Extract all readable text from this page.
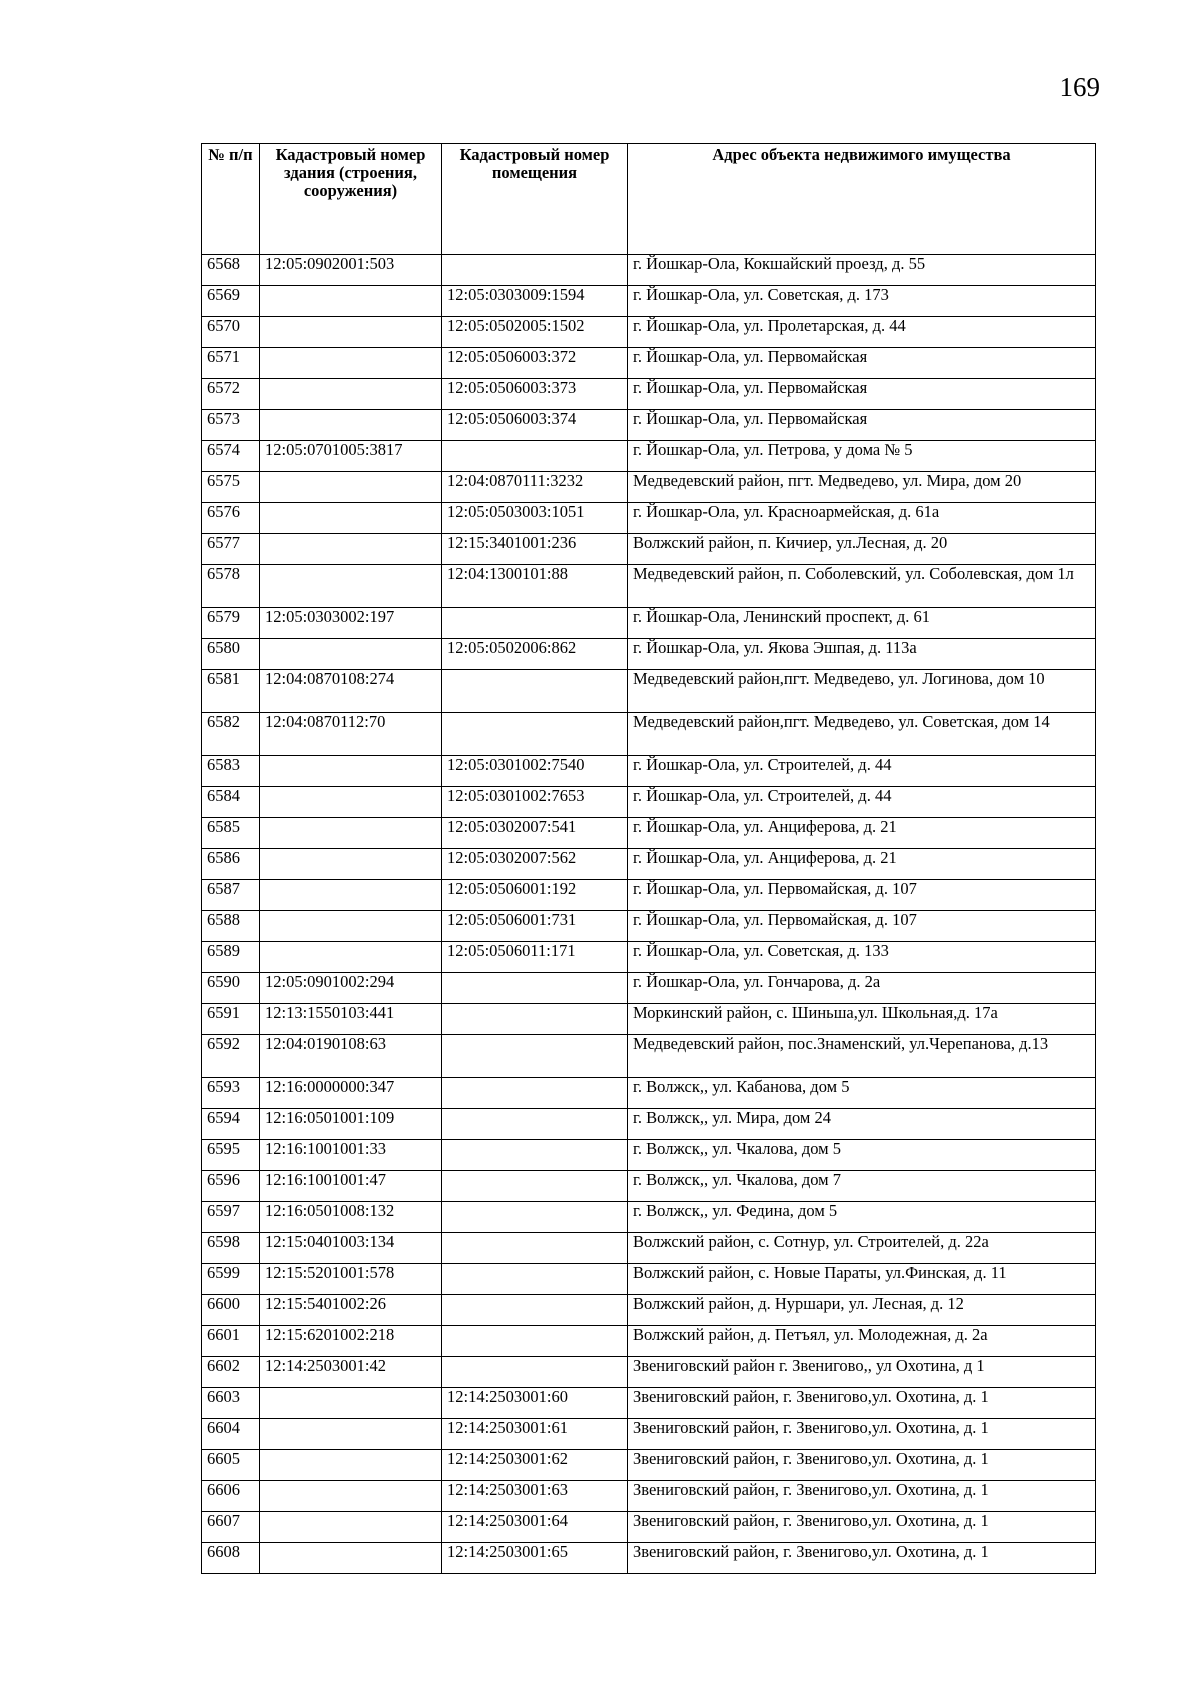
169
№ п/п	Кадастровый номер здания (строения, сооружения)	Кадастровый номер помещения	Адрес объекта недвижимого имущества
6568	12:05:0902001:503		г. Йошкар-Ола, Кокшайский проезд, д. 55
6569		12:05:0303009:1594	г. Йошкар-Ола, ул. Советская, д. 173
6570		12:05:0502005:1502	г. Йошкар-Ола, ул. Пролетарская, д. 44
6571		12:05:0506003:372	г. Йошкар-Ола, ул. Первомайская
6572		12:05:0506003:373	г. Йошкар-Ола, ул. Первомайская
6573		12:05:0506003:374	г. Йошкар-Ола, ул. Первомайская
6574	12:05:0701005:3817		г. Йошкар-Ола, ул. Петрова, у дома № 5
6575		12:04:0870111:3232	Медведевский район, пгт. Медведево, ул. Мира, дом 20
6576		12:05:0503003:1051	г. Йошкар-Ола, ул. Красноармейская, д. 61а
6577		12:15:3401001:236	Волжский район, п. Кичиер, ул.Лесная, д. 20
6578		12:04:1300101:88	Медведевский район, п. Соболевский, ул. Соболевская, дом 1л
6579	12:05:0303002:197		г. Йошкар-Ола, Ленинский проспект, д. 61
6580		12:05:0502006:862	г. Йошкар-Ола, ул. Якова Эшпая, д. 113а
6581	12:04:0870108:274		Медведевский район,пгт. Медведево, ул. Логинова, дом 10
6582	12:04:0870112:70		Медведевский район,пгт. Медведево, ул. Советская, дом 14
6583		12:05:0301002:7540	г. Йошкар-Ола, ул. Строителей, д. 44
6584		12:05:0301002:7653	г. Йошкар-Ола, ул. Строителей, д. 44
6585		12:05:0302007:541	г. Йошкар-Ола, ул. Анциферова, д. 21
6586		12:05:0302007:562	г. Йошкар-Ола, ул. Анциферова, д. 21
6587		12:05:0506001:192	г. Йошкар-Ола, ул. Первомайская, д. 107
6588		12:05:0506001:731	г. Йошкар-Ола, ул. Первомайская, д. 107
6589		12:05:0506011:171	г. Йошкар-Ола, ул. Советская, д. 133
6590	12:05:0901002:294		г. Йошкар-Ола, ул. Гончарова, д. 2а
6591	12:13:1550103:441		Моркинский район, с. Шиньша,ул. Школьная,д. 17а
6592	12:04:0190108:63		Медведевский район, пос.Знаменский, ул.Черепанова, д.13
6593	12:16:0000000:347		г. Волжск,, ул. Кабанова, дом 5
6594	12:16:0501001:109		г. Волжск,, ул. Мира, дом 24
6595	12:16:1001001:33		г. Волжск,, ул. Чкалова, дом 5
6596	12:16:1001001:47		г. Волжск,, ул. Чкалова, дом 7
6597	12:16:0501008:132		г. Волжск,, ул. Федина, дом 5
6598	12:15:0401003:134		Волжский район, с. Сотнур, ул. Строителей, д. 22а
6599	12:15:5201001:578		Волжский район, с. Новые Параты, ул.Финская, д. 11
6600	12:15:5401002:26		Волжский район, д. Нуршари, ул. Лесная, д. 12
6601	12:15:6201002:218		Волжский район, д. Петъял, ул. Молодежная, д. 2а
6602	12:14:2503001:42		Звениговский район г. Звенигово,, ул Охотина, д 1
6603		12:14:2503001:60	Звениговский район, г. Звенигово,ул. Охотина, д. 1
6604		12:14:2503001:61	Звениговский район, г. Звенигово,ул. Охотина, д. 1
6605		12:14:2503001:62	Звениговский район, г. Звенигово,ул. Охотина, д. 1
6606		12:14:2503001:63	Звениговский район, г. Звенигово,ул. Охотина, д. 1
6607		12:14:2503001:64	Звениговский район, г. Звенигово,ул. Охотина, д. 1
6608		12:14:2503001:65	Звениговский район, г. Звенигово,ул. Охотина, д. 1
